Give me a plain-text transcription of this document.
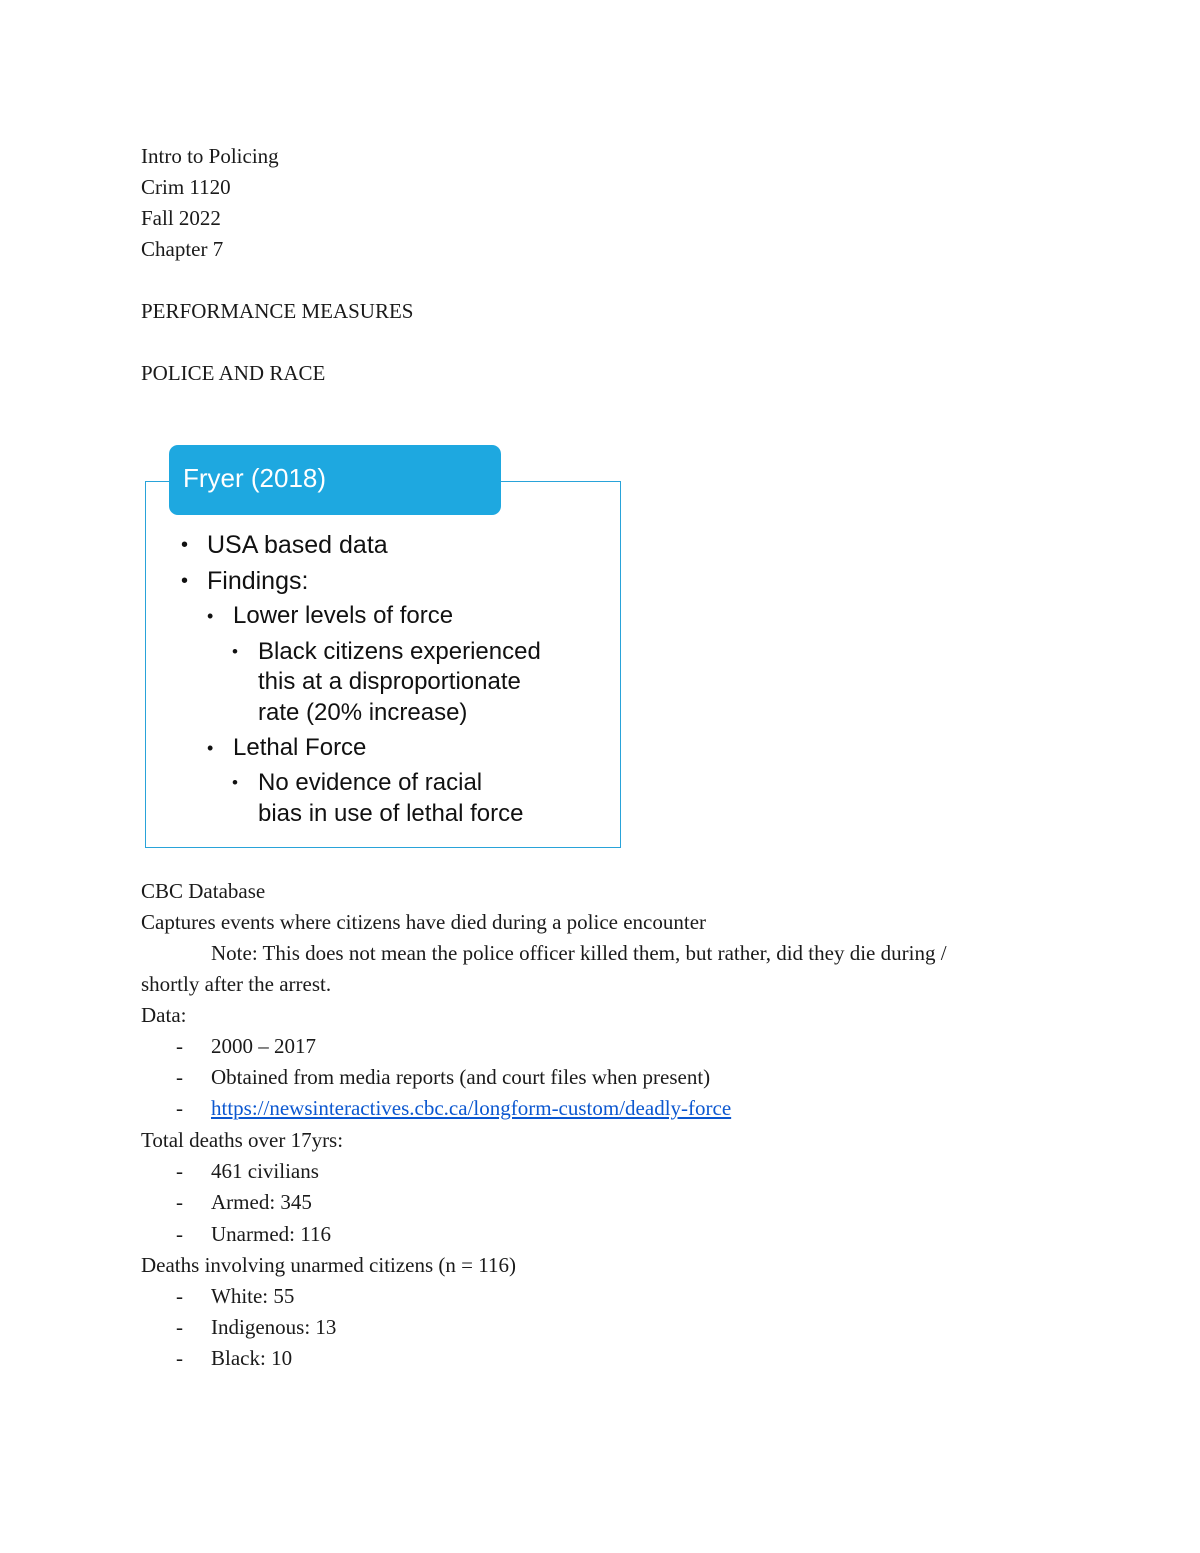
Intro to Policing
Crim 1120
Fall 2022
Chapter 7
PERFORMANCE MEASURES
POLICE AND RACE
Fryer (2018)
• USA based data
• Findings:
• Lower levels of force
• Black citizens experienced
this at a disproportionate
rate (20% increase)
• Lethal Force
• No evidence of racial
bias in use of lethal force
CBC Database
Captures events where citizens have died during a police encounter
Note: This does not mean the police officer killed them, but rather, did they die during /
shortly after the arrest.
Data:
- 2000 – 2017
- Obtained from media reports (and court files when present)
- https://newsinteractives.cbc.ca/longform-custom/deadly-force
Total deaths over 17yrs:
- 461 civilians
- Armed: 345
- Unarmed: 116
Deaths involving unarmed citizens (n = 116)
- White: 55
- Indigenous: 13
- Black: 10
